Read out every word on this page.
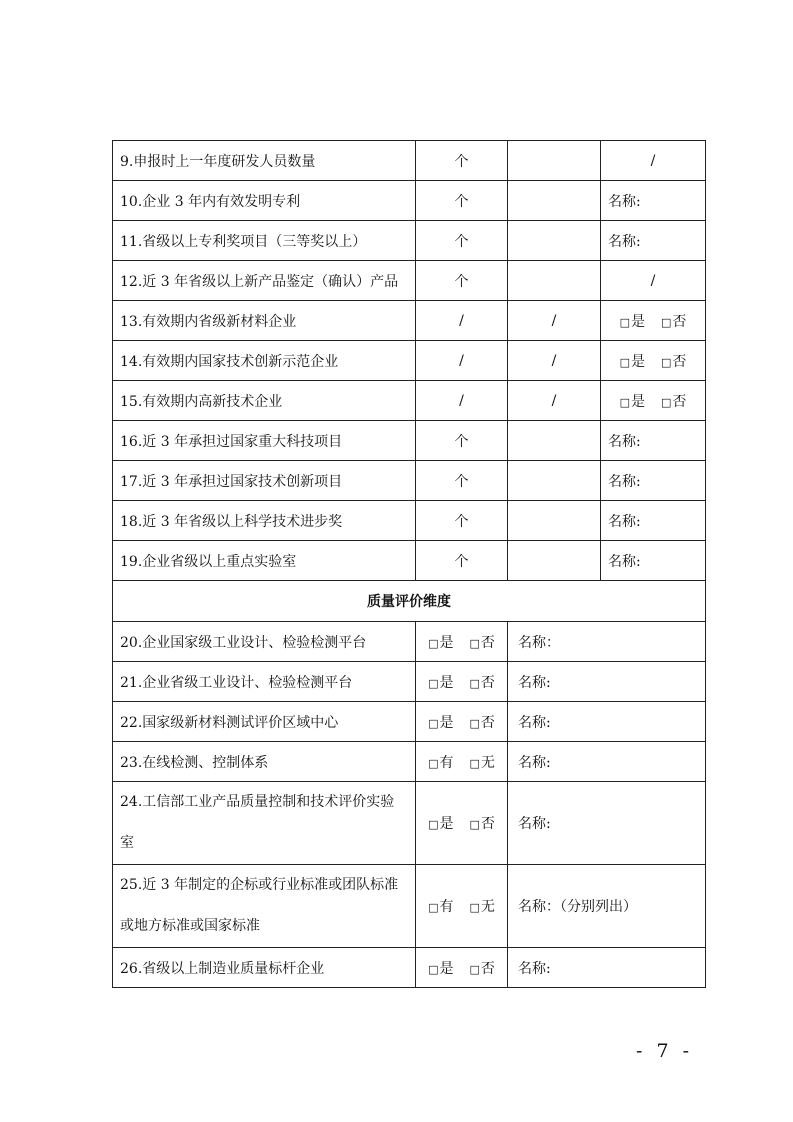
9.申报时上一年度研发人员数量	个		/
10.企业 3 年内有效发明专利	个		名称:
11.省级以上专利奖项目（三等奖以上）	个		名称:
12.近 3 年省级以上新产品鉴定（确认）产品	个		/
13.有效期内省级新材料企业	/	/	□是 □否
14.有效期内国家技术创新示范企业	/	/	□是 □否
15.有效期内高新技术企业	/	/	□是 □否
16.近 3 年承担过国家重大科技项目	个		名称:
17.近 3 年承担过国家技术创新项目	个		名称:
18.近 3 年省级以上科学技术进步奖	个		名称:
19.企业省级以上重点实验室	个		名称:
质量评价维度			
20.企业国家级工业设计、检验检测平台	□是 □否	名称：	
21.企业省级工业设计、检验检测平台	□是 □否	名称:	
22.国家级新材料测试评价区域中心	□是 □否	名称:	
23.在线检测、控制体系	□有 □无	名称:	

24.工信部工业产品质量控制和技术评价实验
室	□是 □否	名称:	

25.近 3 年制定的企标或行业标准或团队标准
或地方标准或国家标准	□有 □无	名称：（分别列出）	
26.省级以上制造业质量标杆企业	□是 □否	名称:	
- 7 -
